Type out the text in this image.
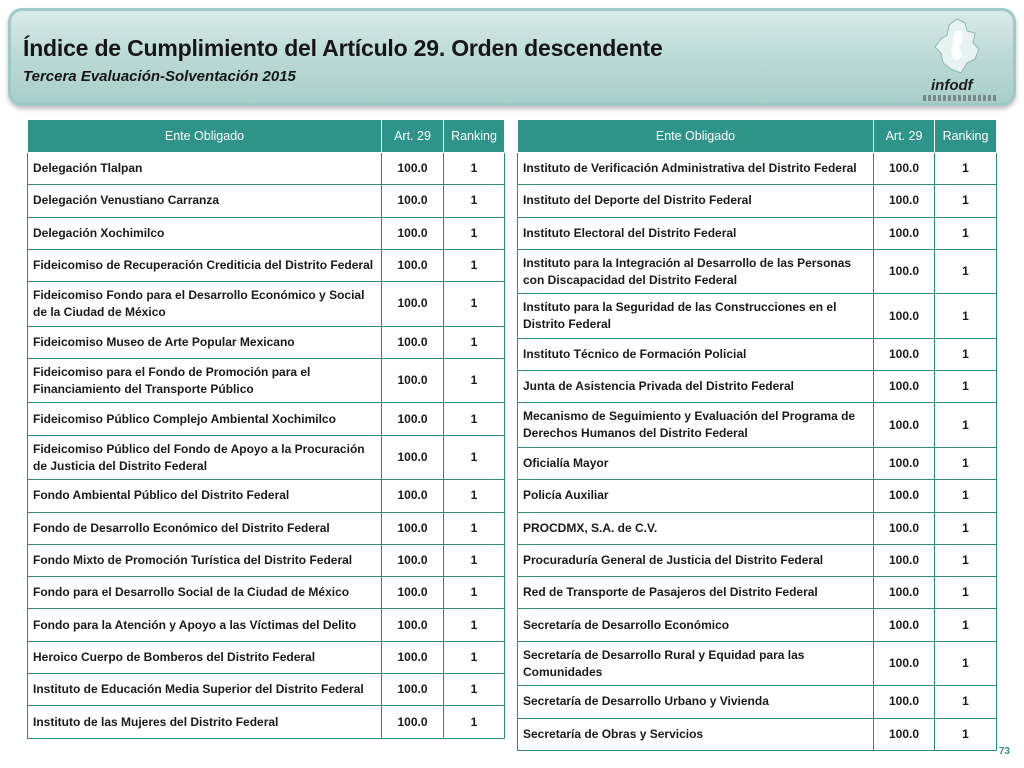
Índice de Cumplimiento del Artículo 29. Orden descendente
Tercera Evaluación-Solventación 2015
infodf
Ente Obligado	Art. 29	Ranking
Delegación Tlalpan	100.0	1
Delegación Venustiano Carranza	100.0	1
Delegación Xochimilco	100.0	1
Fideicomiso de Recuperación Crediticia del Distrito Federal	100.0	1
Fideicomiso Fondo para el Desarrollo Económico y Social de la Ciudad de México	100.0	1
Fideicomiso Museo de Arte Popular Mexicano	100.0	1
Fideicomiso para el Fondo de Promoción para el Financiamiento del Transporte Público	100.0	1
Fideicomiso Público Complejo Ambiental Xochimilco	100.0	1
Fideicomiso Público del Fondo de Apoyo a la Procuración de Justicia del Distrito Federal	100.0	1
Fondo Ambiental Público del Distrito Federal	100.0	1
Fondo de Desarrollo Económico del Distrito Federal	100.0	1
Fondo Mixto de Promoción Turística del Distrito Federal	100.0	1
Fondo para el Desarrollo Social de la Ciudad de México	100.0	1
Fondo para la Atención y Apoyo a las Víctimas del Delito	100.0	1
Heroico Cuerpo de Bomberos del Distrito Federal	100.0	1
Instituto de Educación Media Superior del Distrito Federal	100.0	1
Instituto de las Mujeres del Distrito Federal	100.0	1
Ente Obligado	Art. 29	Ranking
Instituto de Verificación Administrativa del Distrito Federal	100.0	1
Instituto del Deporte del Distrito Federal	100.0	1
Instituto Electoral del Distrito Federal	100.0	1
Instituto para la Integración al Desarrollo de las Personas con Discapacidad del Distrito Federal	100.0	1
Instituto para la Seguridad de las Construcciones en el Distrito Federal	100.0	1
Instituto Técnico de Formación Policial	100.0	1
Junta de Asistencia Privada del Distrito Federal	100.0	1
Mecanismo de Seguimiento y Evaluación del Programa de Derechos Humanos del Distrito Federal	100.0	1
Oficialía Mayor	100.0	1
Policía Auxiliar	100.0	1
PROCDMX, S.A. de C.V.	100.0	1
Procuraduría General de Justicia del Distrito Federal	100.0	1
Red de Transporte de Pasajeros del Distrito Federal	100.0	1
Secretaría de Desarrollo Económico	100.0	1
Secretaría de Desarrollo Rural y Equidad para las Comunidades	100.0	1
Secretaría de Desarrollo Urbano y Vivienda	100.0	1
Secretaría de Obras y Servicios	100.0	1
73
